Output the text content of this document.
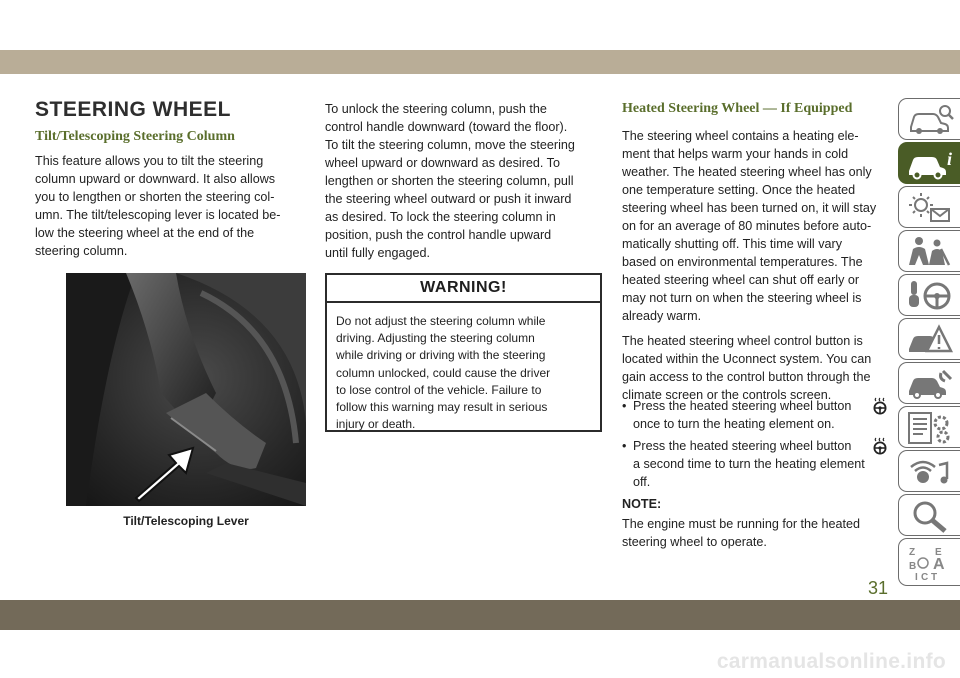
STEERING WHEEL
Tilt/Telescoping Steering Column

This feature allows you to tilt the steering

column upward or downward. It also allows

you to lengthen or shorten the steering col-

umn. The tilt/telescoping lever is located be-

low the steering wheel at the end of the

steering column.

Tilt/Telescoping Lever

To unlock the steering column, push the

control handle downward (toward the floor).

To tilt the steering column, move the steering

wheel upward or downward as desired. To

lengthen or shorten the steering column, pull

the steering wheel outward or push it inward

as desired. To lock the steering column in

position, push the control handle upward

until fully engaged.

WARNING!
Do not adjust the steering column while
driving. Adjusting the steering column
while driving or driving with the steering
column unlocked, could cause the driver
to lose control of the vehicle. Failure to
follow this warning may result in serious
injury or death.
Heated Steering Wheel — If Equipped

The steering wheel contains a heating ele-

ment that helps warm your hands in cold

weather. The heated steering wheel has only

one temperature setting. Once the heated

steering wheel has been turned on, it will stay

on for an average of 80 minutes before auto-

matically shutting off. This time will vary

based on environmental temperatures. The

heated steering wheel can shut off early or

may not turn on when the steering wheel is

already warm.

The heated steering wheel control button is

located within the Uconnect system. You can

gain access to the control button through the

climate screen or the controls screen.

• Press the heated steering wheel button
once to turn the heating element on.
• Press the heated steering wheel button
a second time to turn the heating element
off.
NOTE:
The engine must be running for the heated
steering wheel to operate.
i
Z E
B A
I C T
31
carmanualsonline.info
